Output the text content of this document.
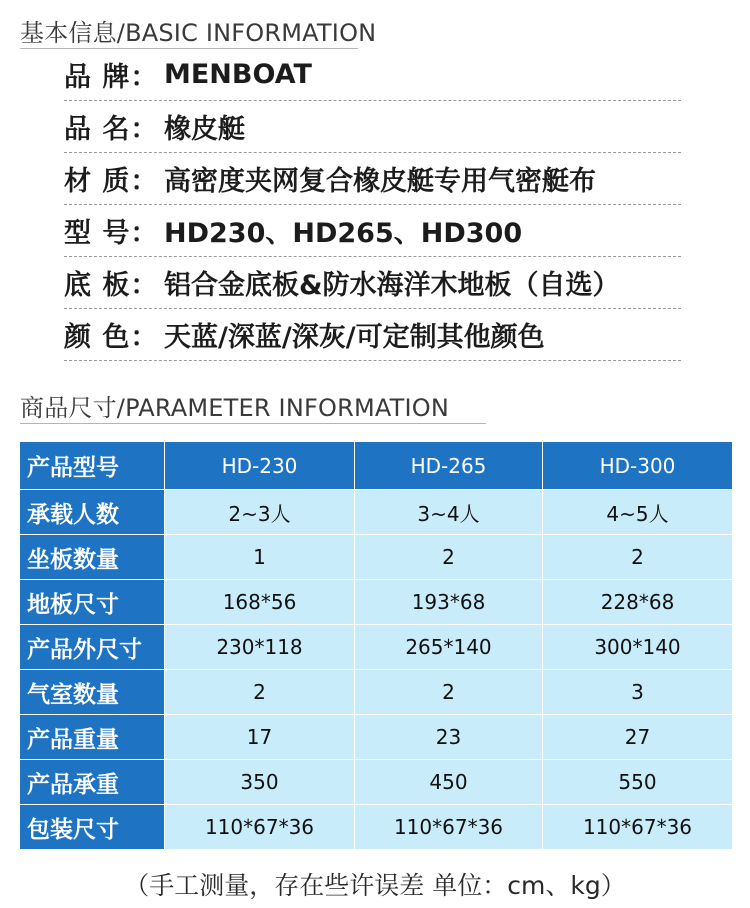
基本信息/BASIC INFORMATION
品 牌： MENBOAT
品 名： 橡皮艇
材 质： 高密度夹网复合橡皮艇专用气密艇布
型 号： HD230、HD265、HD300
底 板： 铝合金底板&防水海洋木地板（自选）
颜 色： 天蓝/深蓝/深灰/可定制其他颜色
商品尺寸/PARAMETER INFORMATION
产品型号	HD-230	HD-265	HD-300
承载人数	2~3人	3~4人	4~5人
坐板数量	1	2	2
地板尺寸	168*56	193*68	228*68
产品外尺寸	230*118	265*140	300*140
气室数量	2	2	3
产品重量	17	23	27
产品承重	350	450	550
包装尺寸	110*67*36	110*67*36	110*67*36
（手工测量，存在些许误差 单位：cm、kg）
